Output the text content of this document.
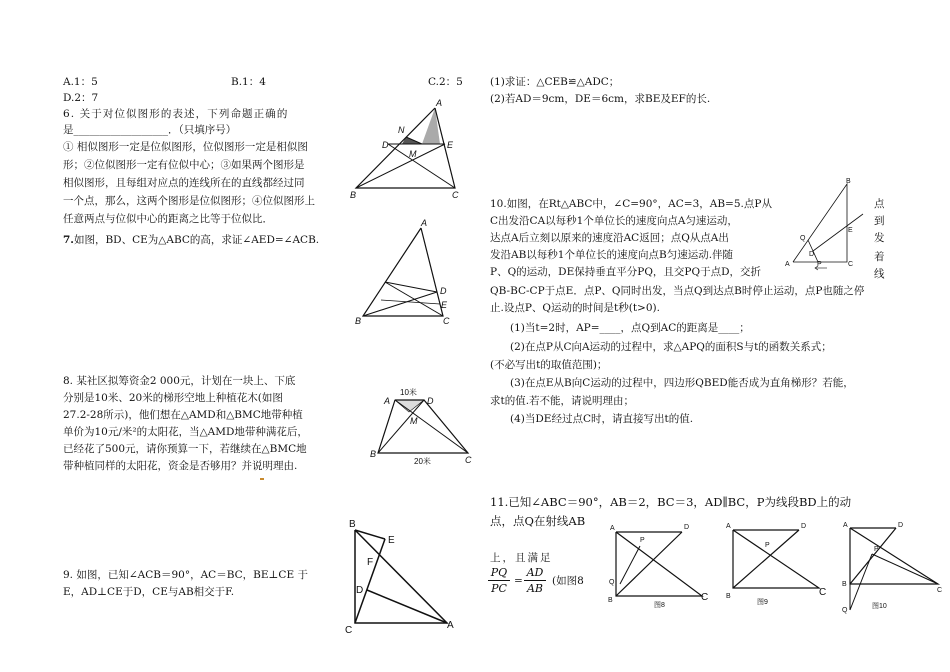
A.1：5	B.1：4	C.2：5
D.2：7
6. 关于对位似图形的表述，下列命题正确的
是__________________．（只填序号）
① 相似图形一定是位似图形，位似图形一定是相似图
形；②位似图形一定有位似中心；③如果两个图形是
相似图形，且每组对应点的连线所在的直线都经过同
一个点，那么，这两个图形是位似图形；④位似图形上
任意两点与位似中心的距离之比等于位似比．
A
N
D
M
E
B	C
7.如图，BD、CE为△ABC的高，求证∠AED=∠ACB.
A
D
E
B	C
8. 某社区拟筹资金2 000元，计划在一块上、下底
分别是10米、20米的梯形空地上种植花木(如图
27.2-28所示)，他们想在△AMD和△BMC地带种植
单价为10元/米²的太阳花，当△AMD地带种满花后，
已经花了500元，请你预算一下，若继续在△BMC地
带种植同样的太阳花，资金是否够用？并说明理由.
10米
A	D
M
B
C
20米
9. 如图，已知∠ACB＝90°，AC＝BC，BE⊥CE 于
E，AD⊥CE于D，CE与AB相交于F.
B
E
F
D
C	A
(1)求证：△CEB≌△ADC；
(2)若AD＝9cm，DE＝6cm，求BE及EF的长.
10.如图，在Rt△ABC中，∠C=90°，AC=3，AB=5.点P从
C出发沿CA以每秒1个单位长的速度向点A匀速运动，
达点A后立刻以原来的速度沿AC返回；点Q从点A出
发沿AB以每秒1个单位长的速度向点B匀速运动.伴随
P、Q的运动，DE保持垂直平分PQ，且交PQ于点D，交折
QB-BC-CP于点E．点P、Q同时出发，当点Q到达点B时停止运动，点P也随之停
止.设点P、Q运动的时间是t秒(t>0).
点
到
发
着
线
(1)当t=2时，AP=____，点Q到AC的距离是____；
(2)在点P从C向A运动的过程中，求△APQ的面积S与t的函数关系式；
(不必写出t的取值范围)；
(3)在点E从B向C运动的过程中，四边形QBED能否成为直角梯形？若能，
求t的值.若不能，请说明理由；
(4)当DE经过点C时，请直接写出t的值.
B
Q
D
E
A	P	C
11.已知∠ABC＝90°，AB＝2，BC＝3，AD∥BC，P为线段BD上的动
点，点Q在射线AB
上，且满足
$\frac{PQ}{PC} = \frac{AD}{AB}$ (如图8
A	D
P
Q
B	C
图8
A	D
P
B	C
图9
A	D
P
B
C
Q
图10
